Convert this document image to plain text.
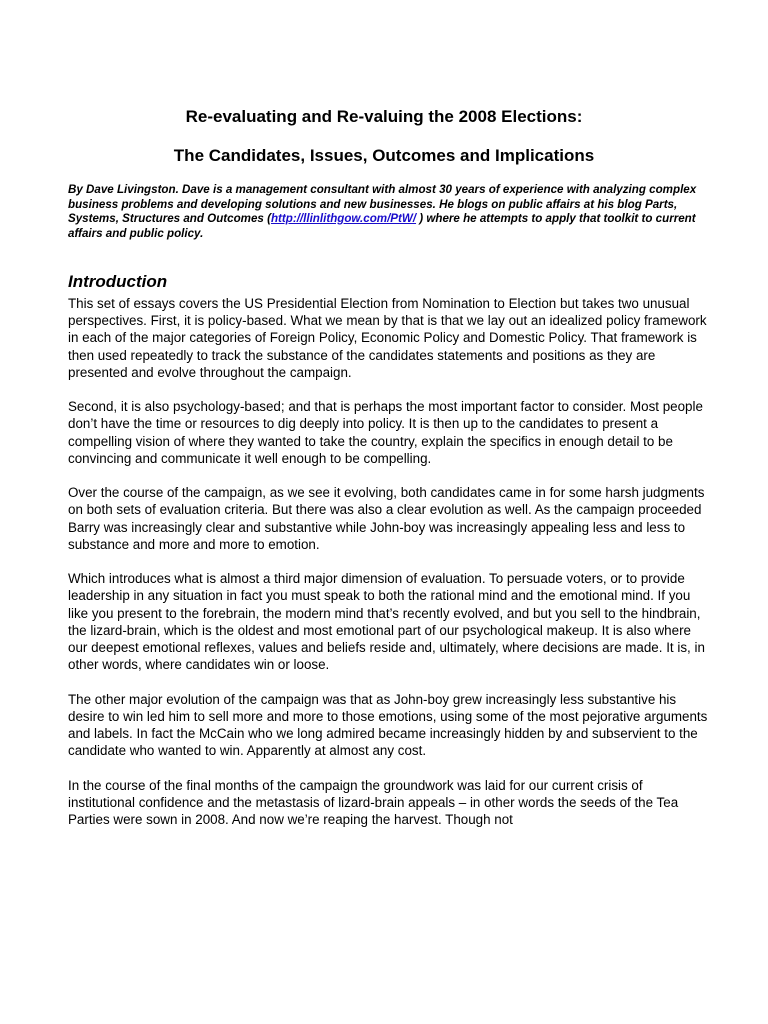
Re-evaluating and Re-valuing the 2008 Elections:
The Candidates, Issues, Outcomes and Implications

By Dave Livingston. Dave is a management consultant with almost 30 years of experience with analyzing complex business problems and developing solutions and new businesses. He blogs on public affairs at his blog Parts, Systems, Structures and Outcomes (http://llinlithgow.com/PtW/ ) where he attempts to apply that toolkit to current affairs and public policy.

Introduction

This set of essays covers the US Presidential Election from Nomination to Election but takes two unusual perspectives. First, it is policy-based. What we mean by that is that we lay out an idealized policy framework in each of the major categories of Foreign Policy, Economic Policy and Domestic Policy. That framework is then used repeatedly to track the substance of the candidates statements and positions as they are presented and evolve throughout the campaign.

Second, it is also psychology-based; and that is perhaps the most important factor to consider. Most people don’t have the time or resources to dig deeply into policy. It is then up to the candidates to present a compelling vision of where they wanted to take the country, explain the specifics in enough detail to be convincing and communicate it well enough to be compelling.

Over the course of the campaign, as we see it evolving, both candidates came in for some harsh judgments on both sets of evaluation criteria. But there was also a clear evolution as well. As the campaign proceeded Barry was increasingly clear and substantive while John-boy was increasingly appealing less and less to substance and more and more to emotion.

Which introduces what is almost a third major dimension of evaluation. To persuade voters, or to provide leadership in any situation in fact you must speak to both the rational mind and the emotional mind. If you like you present to the forebrain, the modern mind that’s recently evolved, and but you sell to the hindbrain, the lizard-brain, which is the oldest and most emotional part of our psychological makeup. It is also where our deepest emotional reflexes, values and beliefs reside and, ultimately, where decisions are made. It is, in other words, where candidates win or loose.

The other major evolution of the campaign was that as John-boy grew increasingly less substantive his desire to win led him to sell more and more to those emotions, using some of the most pejorative arguments and labels. In fact the McCain who we long admired became increasingly hidden by and subservient to the candidate who wanted to win. Apparently at almost any cost.

In the course of the final months of the campaign the groundwork was laid for our current crisis of institutional confidence and the metastasis of lizard-brain appeals – in other words the seeds of the Tea Parties were sown in 2008. And now we’re reaping the harvest. Though not
